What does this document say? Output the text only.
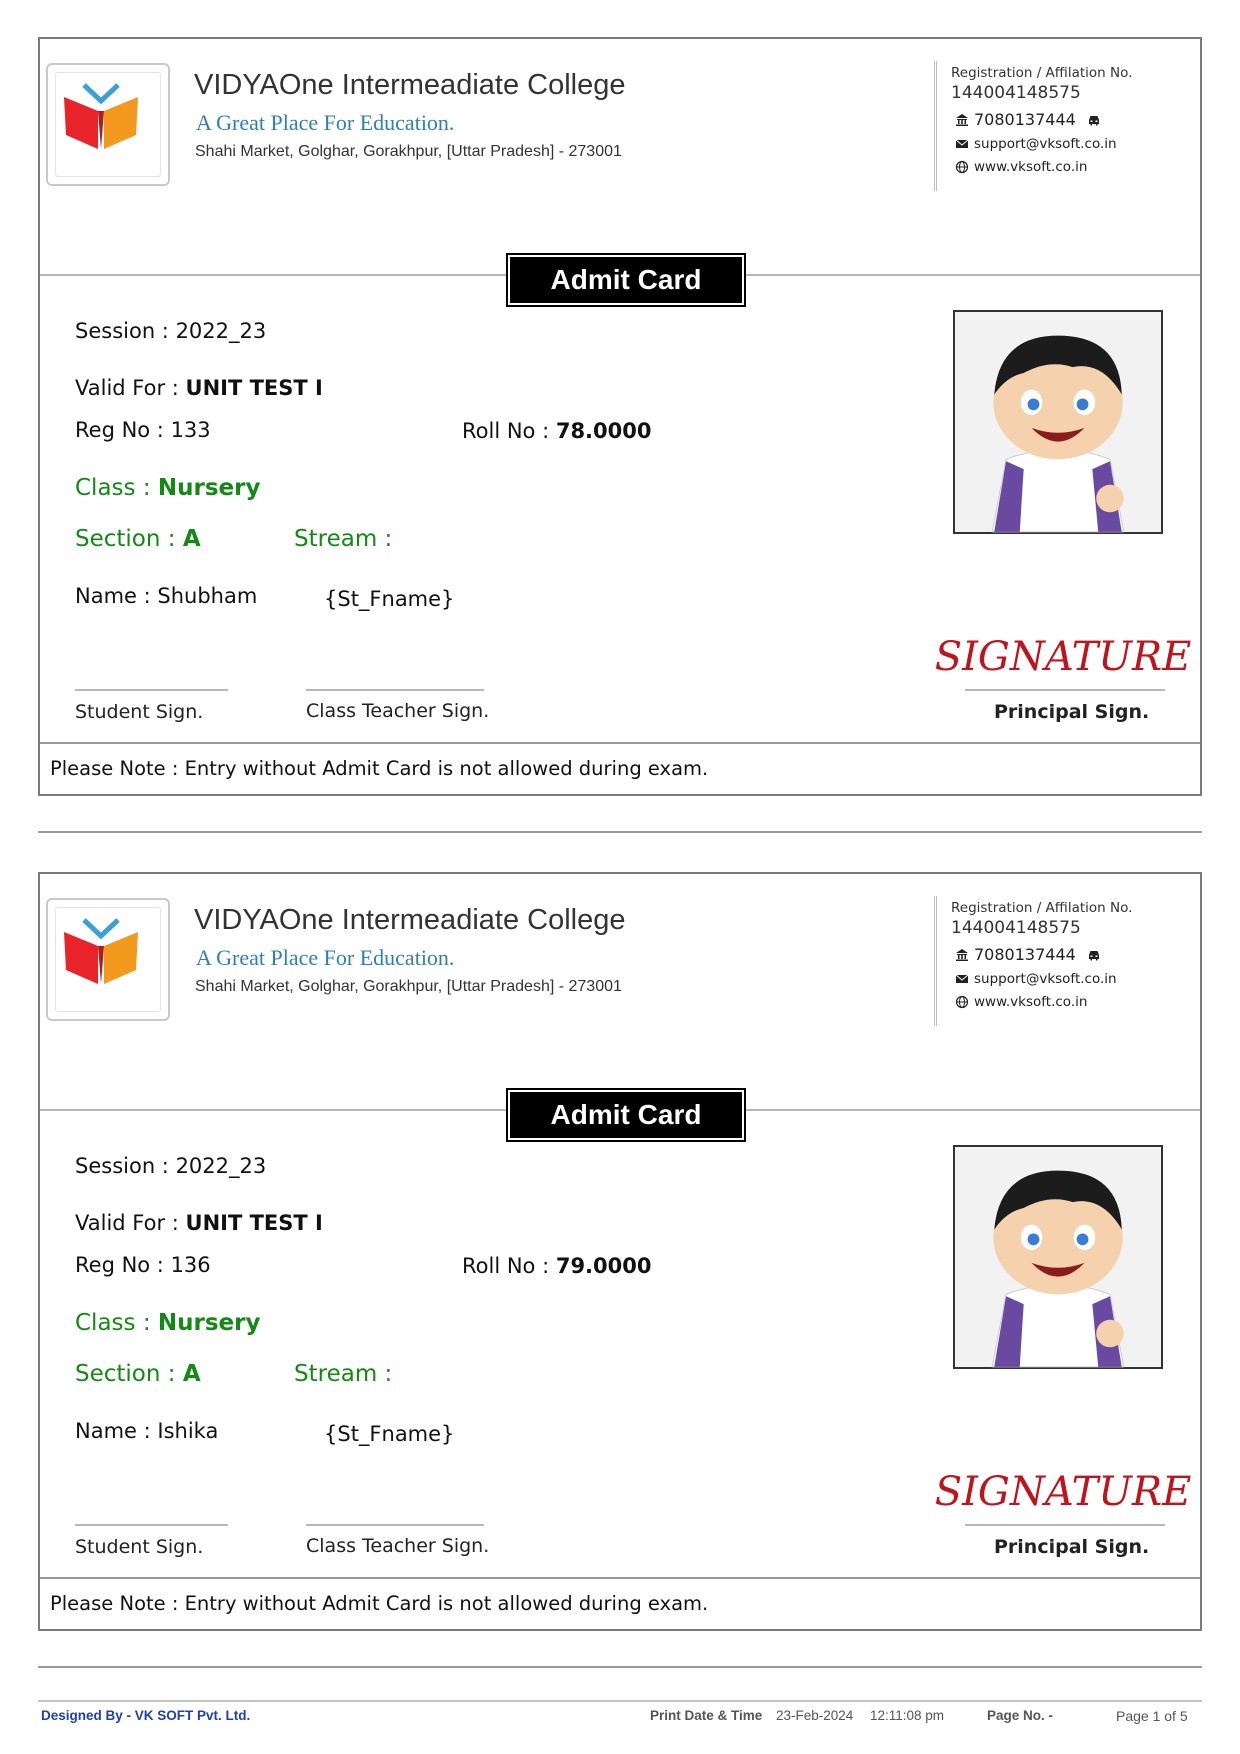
VIDYAOne Intermeadiate College
A Great Place For Education.
Shahi Market, Golghar, Gorakhpur, [Uttar Pradesh] - 273001
Registration / Affilation No.
144004148575
7080137444
support@vksoft.co.in
www.vksoft.co.in
Admit Card
Session : 2022_23
Valid For : UNIT TEST I
Reg No : 133	Roll No : 78.0000
Class : Nursery
Section : A	Stream :
Name : Shubham	{St_Fname}
SIGNATURE
Student Sign.	Class Teacher Sign.	Principal Sign.
Please Note : Entry without Admit Card is not allowed during exam.
VIDYAOne Intermeadiate College
A Great Place For Education.
Shahi Market, Golghar, Gorakhpur, [Uttar Pradesh] - 273001
Registration / Affilation No.
144004148575
7080137444
support@vksoft.co.in
www.vksoft.co.in
Admit Card
Session : 2022_23
Valid For : UNIT TEST I
Reg No : 136	Roll No : 79.0000
Class : Nursery
Section : A	Stream :
Name : Ishika	{St_Fname}
SIGNATURE
Student Sign.	Class Teacher Sign.	Principal Sign.
Please Note : Entry without Admit Card is not allowed during exam.
Designed By - VK SOFT Pvt. Ltd.	Print Date & Time 23-Feb-2024 12:11:08 pm	Page No. -	Page 1 of 5
